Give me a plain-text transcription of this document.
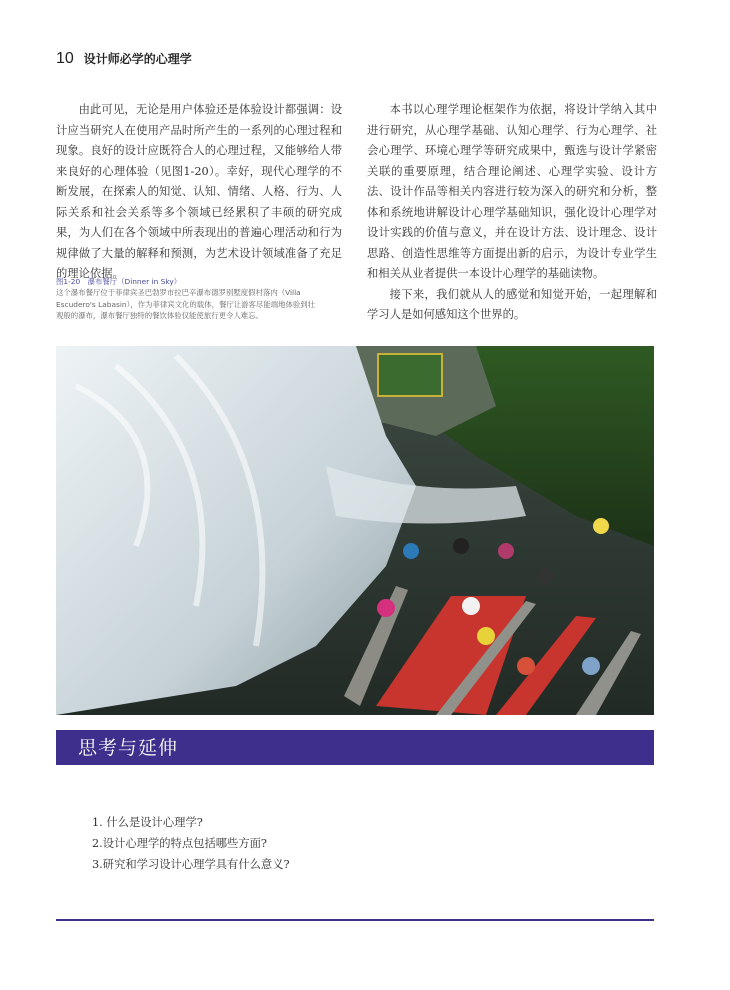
10 设计师必学的心理学

由此可见，无论是用户体验还是体验设计都强调：设计应当研究人在使用产品时所产生的一系列的心理过程和现象。良好的设计应既符合人的心理过程，又能够给人带来良好的心理体验（见图1-20）。幸好，现代心理学的不断发展，在探索人的知觉、认知、情绪、人格、行为、人际关系和社会关系等多个领域已经累积了丰硕的研究成果，为人们在各个领域中所表现出的普遍心理活动和行为规律做了大量的解释和预测，为艺术设计领域准备了充足的理论依据。

本书以心理学理论框架作为依据，将设计学纳入其中进行研究，从心理学基础、认知心理学、行为心理学、社会心理学、环境心理学等研究成果中，甄选与设计学紧密关联的重要原理，结合理论阐述、心理学实验、设计方法、设计作品等相关内容进行较为深入的研究和分析，整体和系统地讲解设计心理学基础知识，强化设计心理学对设计实践的价值与意义，并在设计方法、设计理念、设计思路、创造性思维等方面提出新的启示，为设计专业学生和相关从业者提供一本设计心理学的基础读物。

接下来，我们就从人的感觉和知觉开始，一起理解和学习人是如何感知这个世界的。

图1-20　瀑布餐厅（Dinner in Sky）
这个瀑布餐厅位于菲律宾圣巴勃罗市拉巴辛瀑布德罗别墅度假村落内（Villa Escudero's Labasin），作为菲律宾文化的载体，餐厅让游客尽能端地体验到壮观般的瀑布，瀑布餐厅独特的餐饮体验仅能使旅行更令人难忘。
思考与延伸
1. 什么是设计心理学?
2.设计心理学的特点包括哪些方面?
3.研究和学习设计心理学具有什么意义?
